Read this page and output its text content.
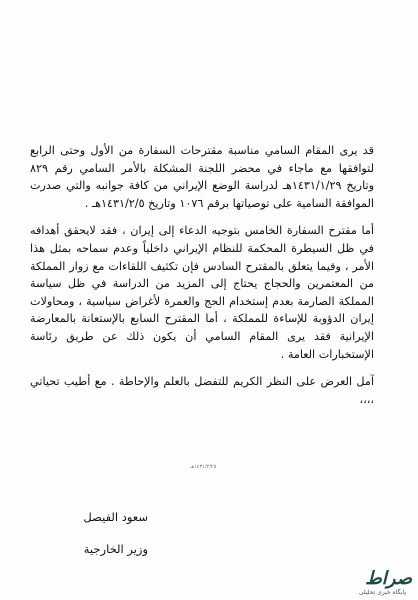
قد يرى المقام السامي مناسبة مقترحات السفارة من الأول وحتى الرابع لتوافقها مع ماجاء في محضر اللجنة المشكلة بالأمر السامي رقم ٨٢٩ وتاريخ ١٤٣١/١/٢٩هـ لدراسة الوضع الإيراني من كافة جوانبه والتي صدرت الموافقة السامية على توصياتها برقم ١٠٧٦ وتاريخ ١٤٣١/٢/٥هـ .

أما مقترح السفارة الخامس بتوجيه الدعاء إلى إيران ، فقد لايحقق أهدافه في ظل السيطرة المحكمة للنظام الإيراني داخلياً وعدم سماحه بمثل هذا الأمر ، وفيما يتعلق بالمقترح السادس فإن تكثيف اللقاءات مع زوار المملكة من المعتمرين والحجاج يحتاج إلى المزيد من الدراسة في ظل سياسة المملكة الصارمة بعدم إستخدام الحج والعمرة لأغراض سياسية ، ومحاولات إيران الدؤوبة للإساءة للمملكة ، أما المقترح السابع بالإستعانة بالمعارضة الإيرانية فقد يرى المقام السامي أن يكون ذلك عن طريق رئاسة الإستخبارات العامة .

آمل العرض على النظر الكريم للتفضل بالعلم والإحاطة . مع أطيب تحياتي ،،،،

١٤٣١/٢/٢٥هـ
سعود الفيصل
وزير الخارجية
صراط
پایگاه خبری تحلیلی
